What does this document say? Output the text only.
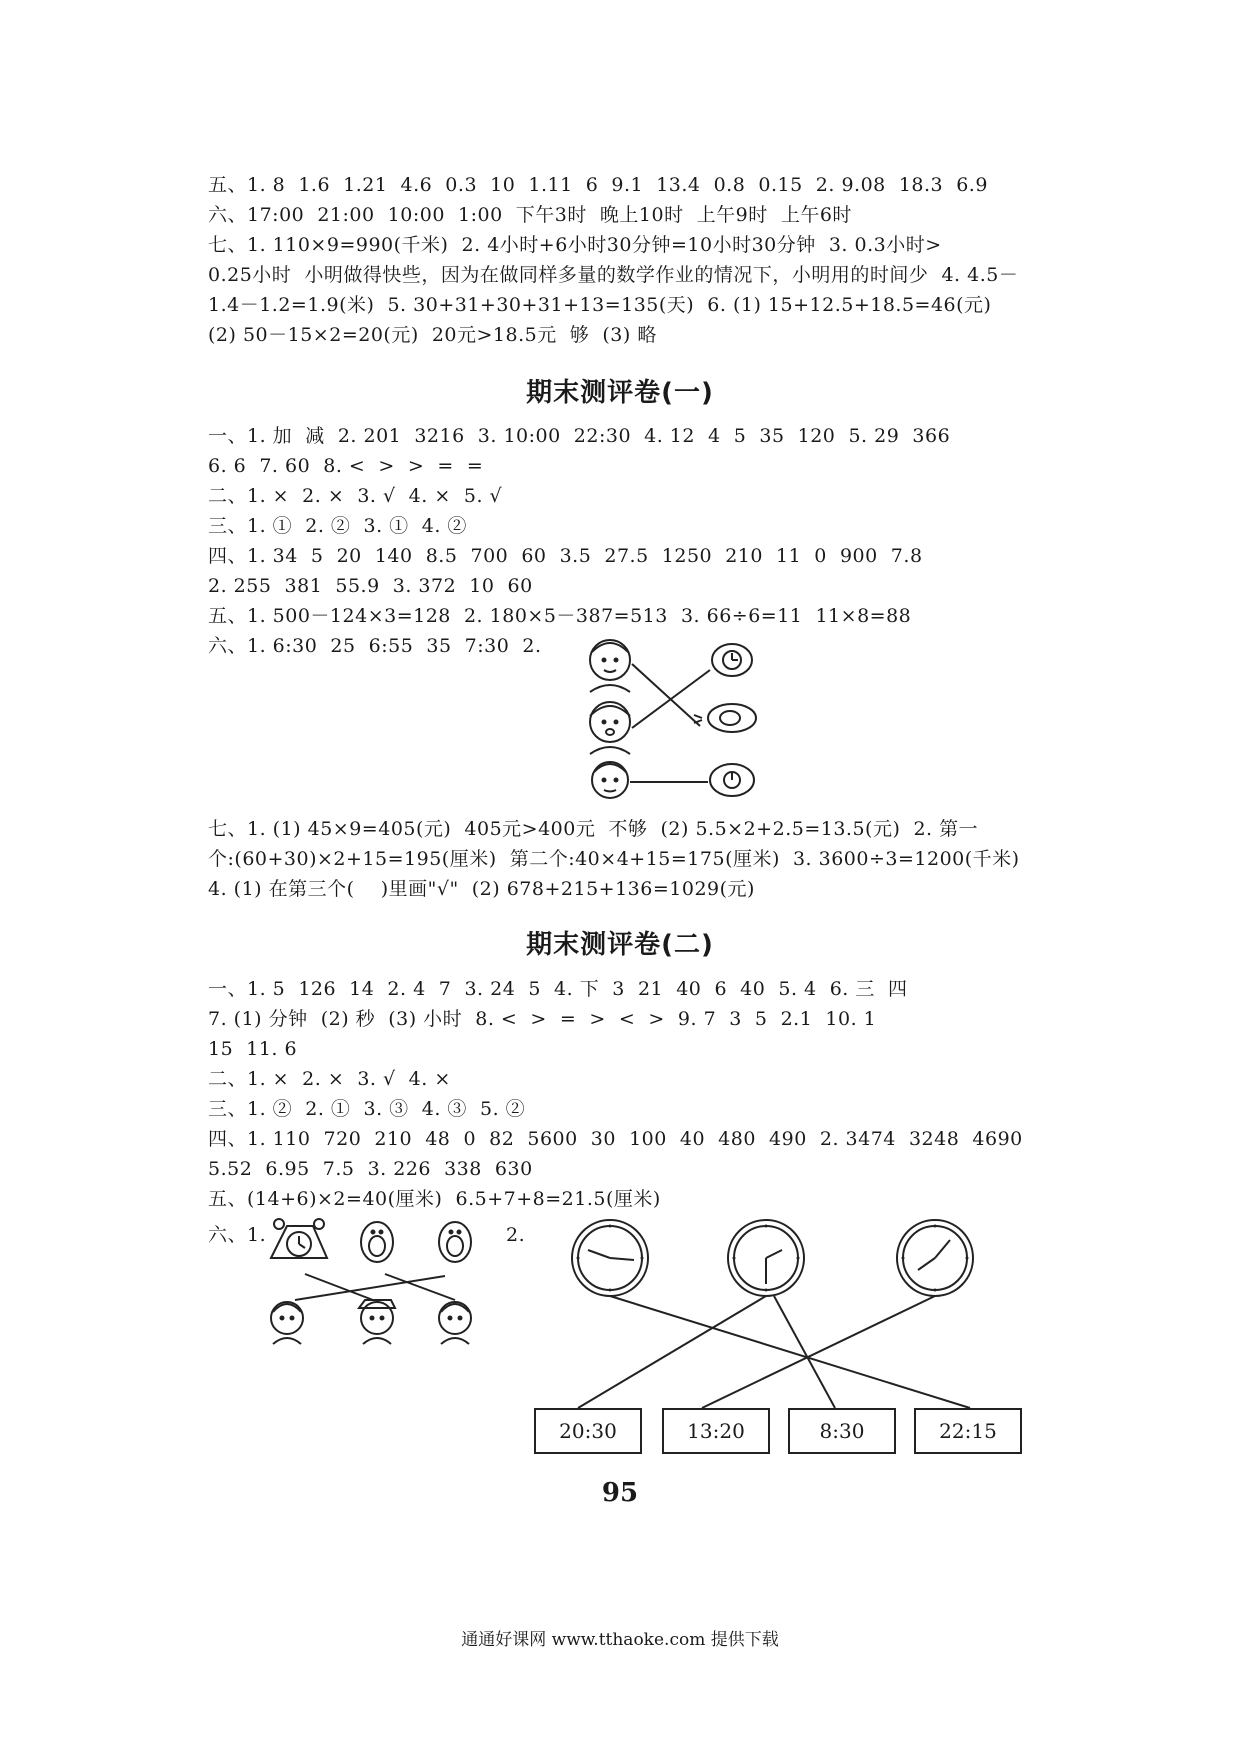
五、1. 8  1.6  1.21  4.6  0.3  10  1.11  6  9.1  13.4  0.8  0.15  2. 9.08  18.3  6.9
六、17:00  21:00  10:00  1:00  下午3时  晚上10时  上午9时  上午6时
七、1. 110×9=990(千米)  2. 4小时+6小时30分钟=10小时30分钟  3. 0.3小时>
0.25小时  小明做得快些，因为在做同样多量的数学作业的情况下，小明用的时间少  4. 4.5－
1.4－1.2=1.9(米)  5. 30+31+30+31+13=135(天)  6. (1) 15+12.5+18.5=46(元)
(2) 50－15×2=20(元)  20元>18.5元  够  (3) 略
期末测评卷(一)
一、1. 加  减  2. 201  3216  3. 10:00  22:30  4. 12  4  5  35  120  5. 29  366
6. 6  7. 60  8. <  >  >  =  =
二、1. ×  2. ×  3. √  4. ×  5. √
三、1. ①  2. ②  3. ①  4. ②
四、1. 34  5  20  140  8.5  700  60  3.5  27.5  1250  210  11  0  900  7.8
2. 255  381  55.9  3. 372  10  60
五、1. 500－124×3=128  2. 180×5－387=513  3. 66÷6=11  11×8=88
六、1. 6:30  25  6:55  35  7:30  2.
七、1. (1) 45×9=405(元)  405元>400元  不够  (2) 5.5×2+2.5=13.5(元)  2. 第一
个:(60+30)×2+15=195(厘米)  第二个:40×4+15=175(厘米)  3. 3600÷3=1200(千米)
4. (1) 在第三个(    )里画"√"  (2) 678+215+136=1029(元)
期末测评卷(二)
一、1. 5  126  14  2. 4  7  3. 24  5  4. 下  3  21  40  6  40  5. 4  6. 三  四
7. (1) 分钟  (2) 秒  (3) 小时  8. <  >  =  >  <  >  9. 7  3  5  2.1  10. 1
15  11. 6
二、1. ×  2. ×  3. √  4. ×
三、1. ②  2. ①  3. ③  4. ③  5. ②
四、1. 110  720  210  48  0  82  5600  30  100  40  480  490  2. 3474  3248  4690
5.52  6.95  7.5  3. 226  338  630
五、(14+6)×2=40(厘米)  6.5+7+8=21.5(厘米)
六、1.	2.
20:30	13:20	8:30	22:15
95
通通好课网 www.tthaoke.com 提供下载
